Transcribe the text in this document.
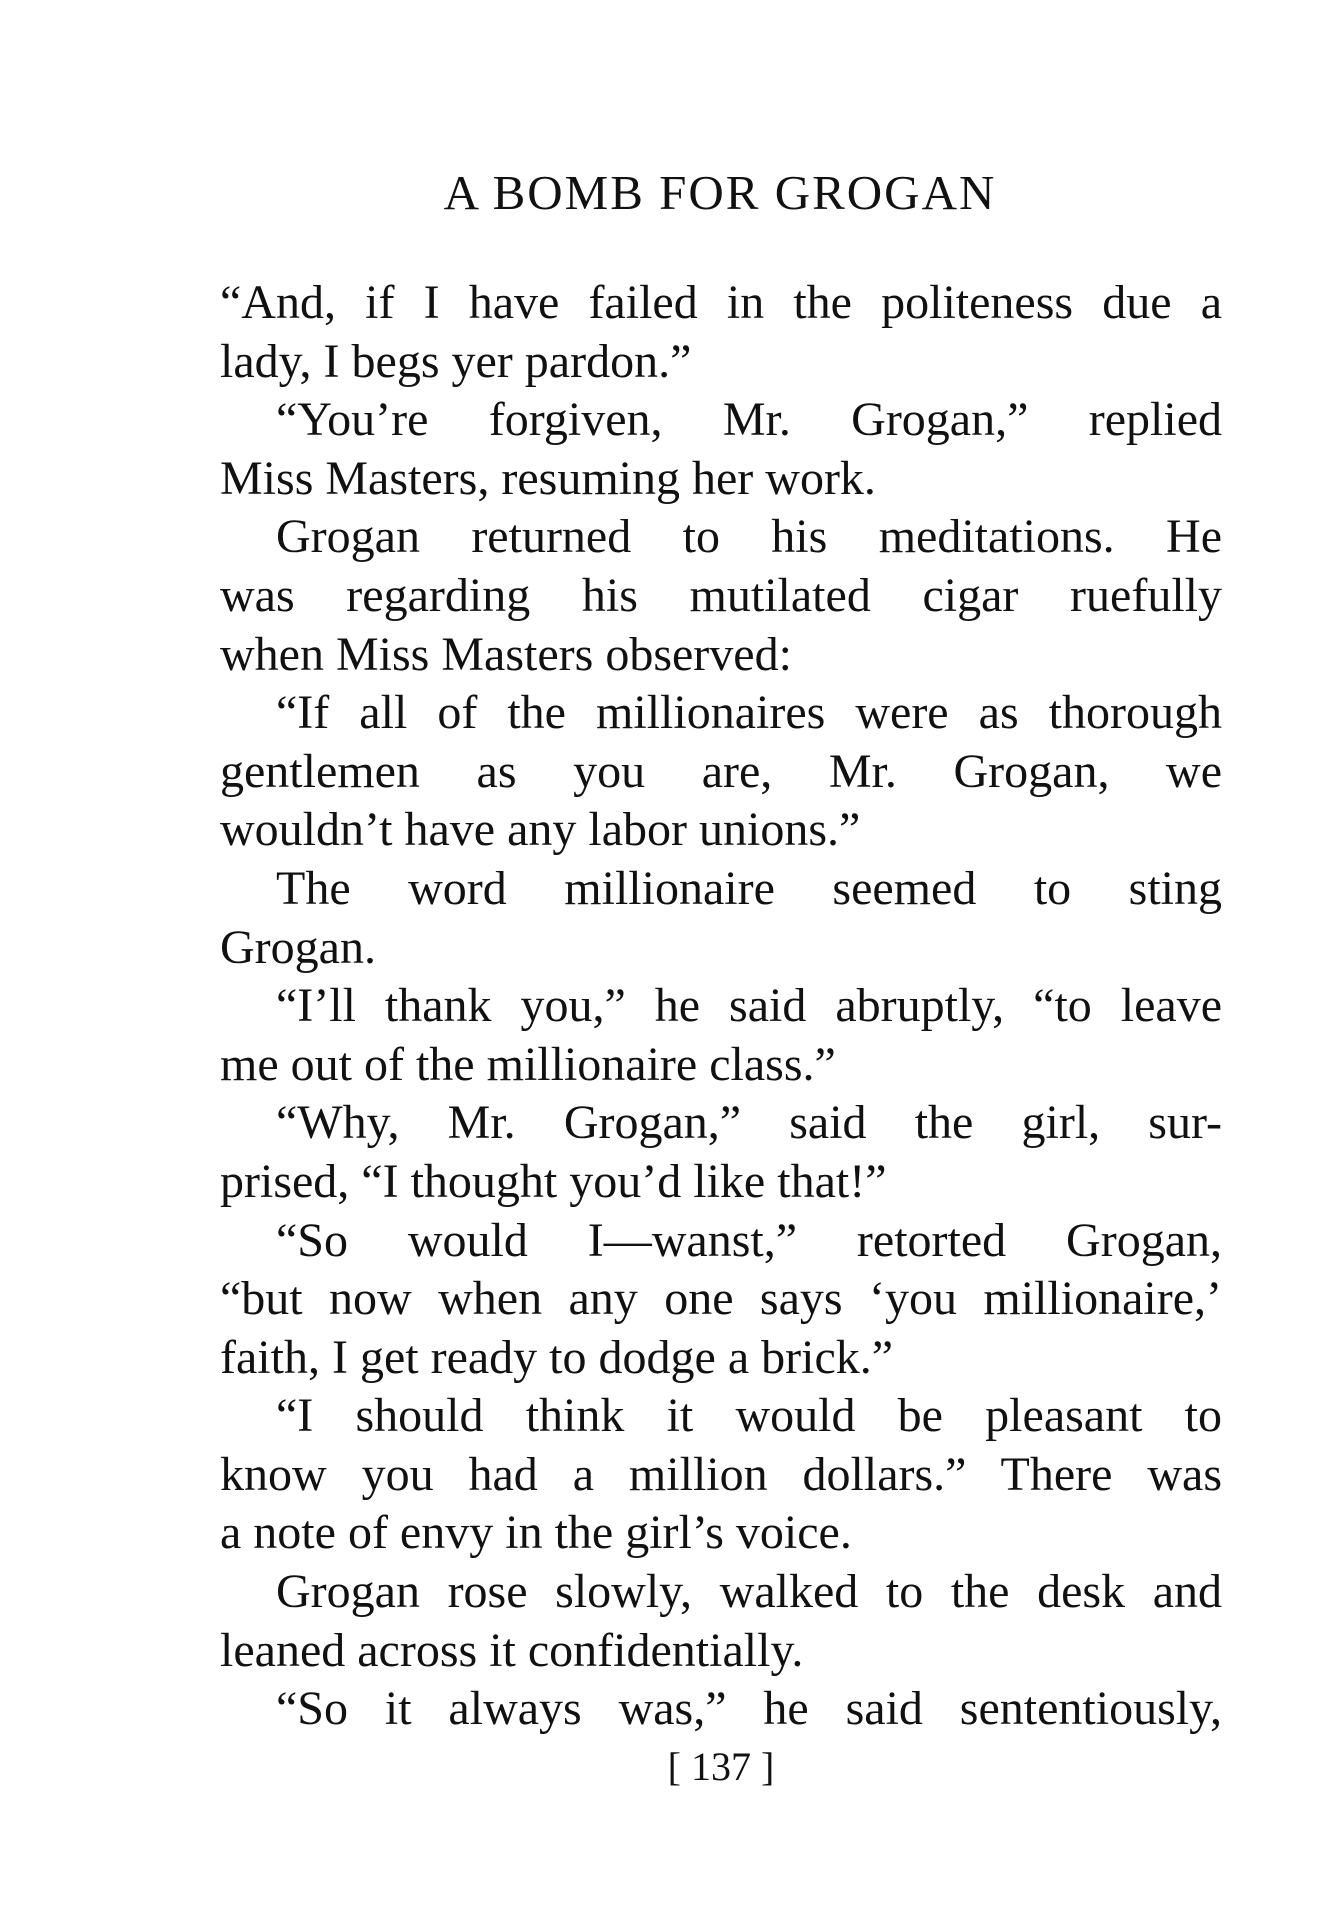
A BOMB FOR GROGAN
“And, if I have failed in the politeness due a
lady, I begs yer pardon.”
“You’re forgiven, Mr. Grogan,” replied
Miss Masters, resuming her work.
Grogan returned to his meditations. He
was regarding his mutilated cigar ruefully
when Miss Masters observed:
“If all of the millionaires were as thorough
gentlemen as you are, Mr. Grogan, we
wouldn’t have any labor unions.”
The word millionaire seemed to sting
Grogan.
“I’ll thank you,” he said abruptly, “to leave
me out of the millionaire class.”
“Why, Mr. Grogan,” said the girl, sur-
prised, “I thought you’d like that!”
“So would I—wanst,” retorted Grogan,
“but now when any one says ‘you millionaire,’
faith, I get ready to dodge a brick.”
“I should think it would be pleasant to
know you had a million dollars.” There was
a note of envy in the girl’s voice.
Grogan rose slowly, walked to the desk and
leaned across it confidentially.
“So it always was,” he said sententiously,
[ 137 ]
